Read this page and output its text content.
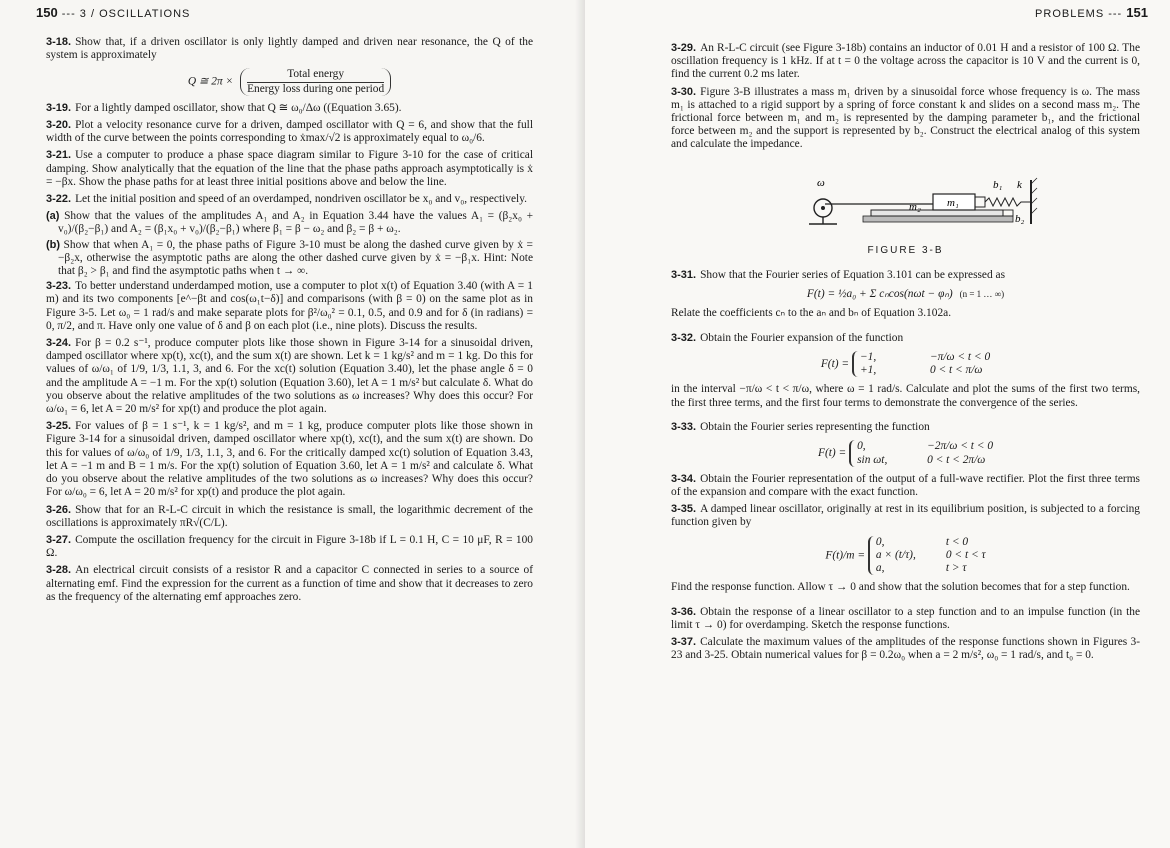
150 --- 3 / OSCILLATIONS

3-18. Show that, if a driven oscillator is only lightly damped and driven near resonance, the Q of the system is approximately

Q ≅ $2\pi \times \frac{\text{Total energy}}{\text{Energy loss during one period}}$

3-19. For a lightly damped oscillator, show that Q ≅ ω₀/Δω ((Equation 3.65).

3-20. Plot a velocity resonance curve for a driven, damped oscillator with Q = 6, and show that the full width of the curve between the points corresponding to ẋmax/√2 is approximately equal to ω₀/6.

3-21. Use a computer to produce a phase space diagram similar to Figure 3-10 for the case of critical damping. Show analytically that the equation of the line that the phase paths approach asymptotically is ẋ = −βx. Show the phase paths for at least three initial positions above and below the line.

3-22. Let the initial position and speed of an overdamped, nondriven oscillator be x₀ and v₀, respectively.

(a) Show that the values of the amplitudes A₁ and A₂ in Equation 3.44 have the values A₁ = (β₂x₀ + v₀)/(β₂−β₁) and A₂ = (β₁x₀ + v₀)/(β₂−β₁) where β₁ = β − ω₂ and β₂ = β + ω₂.

(b) Show that when A₁ = 0, the phase paths of Figure 3-10 must be along the dashed curve given by ẋ = −β₂x, otherwise the asymptotic paths are along the other dashed curve given by ẋ = −β₁x. Hint: Note that β₂ > β₁ and find the asymptotic paths when t → ∞.

3-23. To better understand underdamped motion, use a computer to plot x(t) of Equation 3.40 (with A = 1 m) and its two components [e^−βt and cos(ω₁t−δ)] and comparisons (with β = 0) on the same plot as in Figure 3-5. Let ω₀ = 1 rad/s and make separate plots for β²/ω₀² = 0.1, 0.5, and 0.9 and for δ (in radians) = 0, π/2, and π. Have only one value of δ and β on each plot (i.e., nine plots). Discuss the results.

3-24. For β = 0.2 s⁻¹, produce computer plots like those shown in Figure 3-14 for a sinusoidal driven, damped oscillator where xp(t), xc(t), and the sum x(t) are shown. Let k = 1 kg/s² and m = 1 kg. Do this for values of ω/ω₁ of 1/9, 1/3, 1.1, 3, and 6. For the xc(t) solution (Equation 3.40), let the phase angle δ = 0 and the amplitude A = −1 m. For the xp(t) solution (Equation 3.60), let A = 1 m/s² but calculate δ. What do you observe about the relative amplitudes of the two solutions as ω increases? Why does this occur? For ω/ω₁ = 6, let A = 20 m/s² for xp(t) and produce the plot again.

3-25. For values of β = 1 s⁻¹, k = 1 kg/s², and m = 1 kg, produce computer plots like those shown in Figure 3-14 for a sinusoidal driven, damped oscillator where xp(t), xc(t), and the sum x(t) are shown. Do this for values of ω/ω₀ of 1/9, 1/3, 1.1, 3, and 6. For the critically damped xc(t) solution of Equation 3.43, let A = −1 m and B = 1 m/s. For the xp(t) solution of Equation 3.60, let A = 1 m/s² and calculate δ. What do you observe about the relative amplitudes of the two solutions as ω increases? Why does this occur? For ω/ω₀ = 6, let A = 20 m/s² for xp(t) and produce the plot again.

3-26. Show that for an R-L-C circuit in which the resistance is small, the logarithmic decrement of the oscillations is approximately πR√(C/L).

3-27. Compute the oscillation frequency for the circuit in Figure 3-18b if L = 0.1 H, C = 10 μF, R = 100 Ω.

3-28. An electrical circuit consists of a resistor R and a capacitor C connected in series to a source of alternating emf. Find the expression for the current as a function of time and show that it decreases to zero as the frequency of the alternating emf approaches zero.

PROBLEMS --- 151

3-29. An R-L-C circuit (see Figure 3-18b) contains an inductor of 0.01 H and a resistor of 100 Ω. The oscillation frequency is 1 kHz. If at t = 0 the voltage across the capacitor is 10 V and the current is 0, find the current 0.2 ms later.

3-30. Figure 3-B illustrates a mass m₁ driven by a sinusoidal force whose frequency is ω. The mass m₁ is attached to a rigid support by a spring of force constant k and slides on a second mass m₂. The frictional force between m₁ and m₂ is represented by the damping parameter b₁, and the frictional force between m₂ and the support is represented by b₂. Construct the electrical analog of this system and calculate the impedance.

ω	b₁ k
m₁
m₂
b₂
FIGURE 3-B

3-31. Show that the Fourier series of Equation 3.101 can be expressed as

F(t) = ½a₀ + Σ cₙcos(nωt − φₙ) (n = 1 … ∞)

Relate the coefficients cₙ to the aₙ and bₙ of Equation 3.102a.

3-32. Obtain the Fourier expansion of the function

F(t) =
−1,	−π/ω < t < 0
+1,	0 < t < π/ω

in the interval −π/ω < t < π/ω, where ω = 1 rad/s. Calculate and plot the sums of the first two terms, the first three terms, and the first four terms to demonstrate the convergence of the series.

3-33. Obtain the Fourier series representing the function

F(t) =
0,	−2π/ω < t < 0
sin ωt,	0 < t < 2π/ω

3-34. Obtain the Fourier representation of the output of a full-wave rectifier. Plot the first three terms of the expansion and compare with the exact function.

3-35. A damped linear oscillator, originally at rest in its equilibrium position, is subjected to a forcing function given by

F(t)/m =
0,	t < 0
a × (t/τ),	0 < t < τ
a,	t > τ

Find the response function. Allow τ → 0 and show that the solution becomes that for a step function.

3-36. Obtain the response of a linear oscillator to a step function and to an impulse function (in the limit τ → 0) for overdamping. Sketch the response functions.

3-37. Calculate the maximum values of the amplitudes of the response functions shown in Figures 3-23 and 3-25. Obtain numerical values for β = 0.2ω₀ when a = 2 m/s², ω₀ = 1 rad/s, and t₀ = 0.
